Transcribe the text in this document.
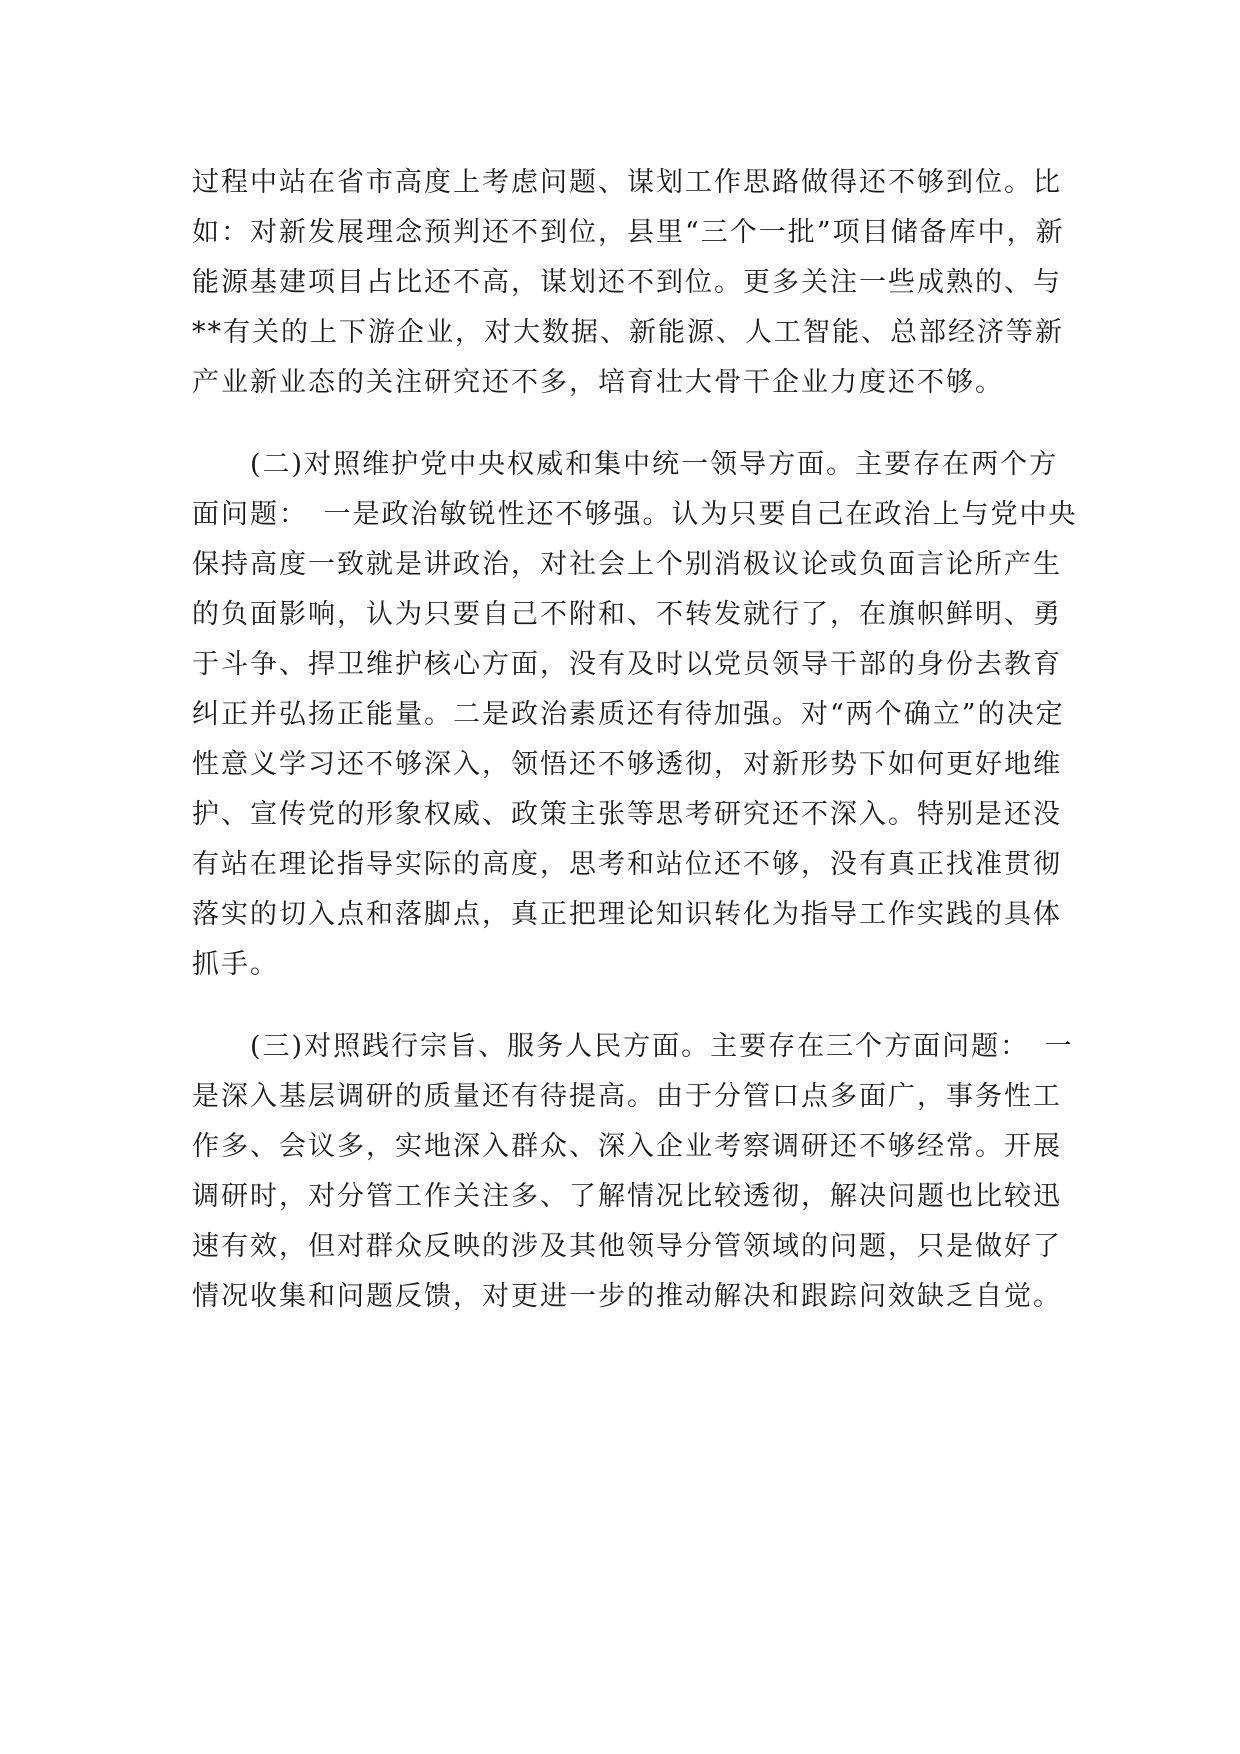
过程中站在省市高度上考虑问题、谋划工作思路做得还不够到位。比
如：对新发展理念预判还不到位，县里“三个一批”项目储备库中，新
能源基建项目占比还不高，谋划还不到位。更多关注一些成熟的、与
**有关的上下游企业，对大数据、新能源、人工智能、总部经济等新
产业新业态的关注研究还不多，培育壮大骨干企业力度还不够。
(二)对照维护党中央权威和集中统一领导方面。主要存在两个方
面问题：　一是政治敏锐性还不够强。认为只要自己在政治上与党中央
保持高度一致就是讲政治，对社会上个别消极议论或负面言论所产生
的负面影响，认为只要自己不附和、不转发就行了，在旗帜鲜明、勇
于斗争、捍卫维护核心方面，没有及时以党员领导干部的身份去教育
纠正并弘扬正能量。二是政治素质还有待加强。对“两个确立”的决定
性意义学习还不够深入，领悟还不够透彻，对新形势下如何更好地维
护、宣传党的形象权威、政策主张等思考研究还不深入。特别是还没
有站在理论指导实际的高度，思考和站位还不够，没有真正找准贯彻
落实的切入点和落脚点，真正把理论知识转化为指导工作实践的具体
抓手。
(三)对照践行宗旨、服务人民方面。主要存在三个方面问题：　一
是深入基层调研的质量还有待提高。由于分管口点多面广，事务性工
作多、会议多，实地深入群众、深入企业考察调研还不够经常。开展
调研时，对分管工作关注多、了解情况比较透彻，解决问题也比较迅
速有效，但对群众反映的涉及其他领导分管领域的问题，只是做好了
情况收集和问题反馈，对更进一步的推动解决和跟踪问效缺乏自觉。
